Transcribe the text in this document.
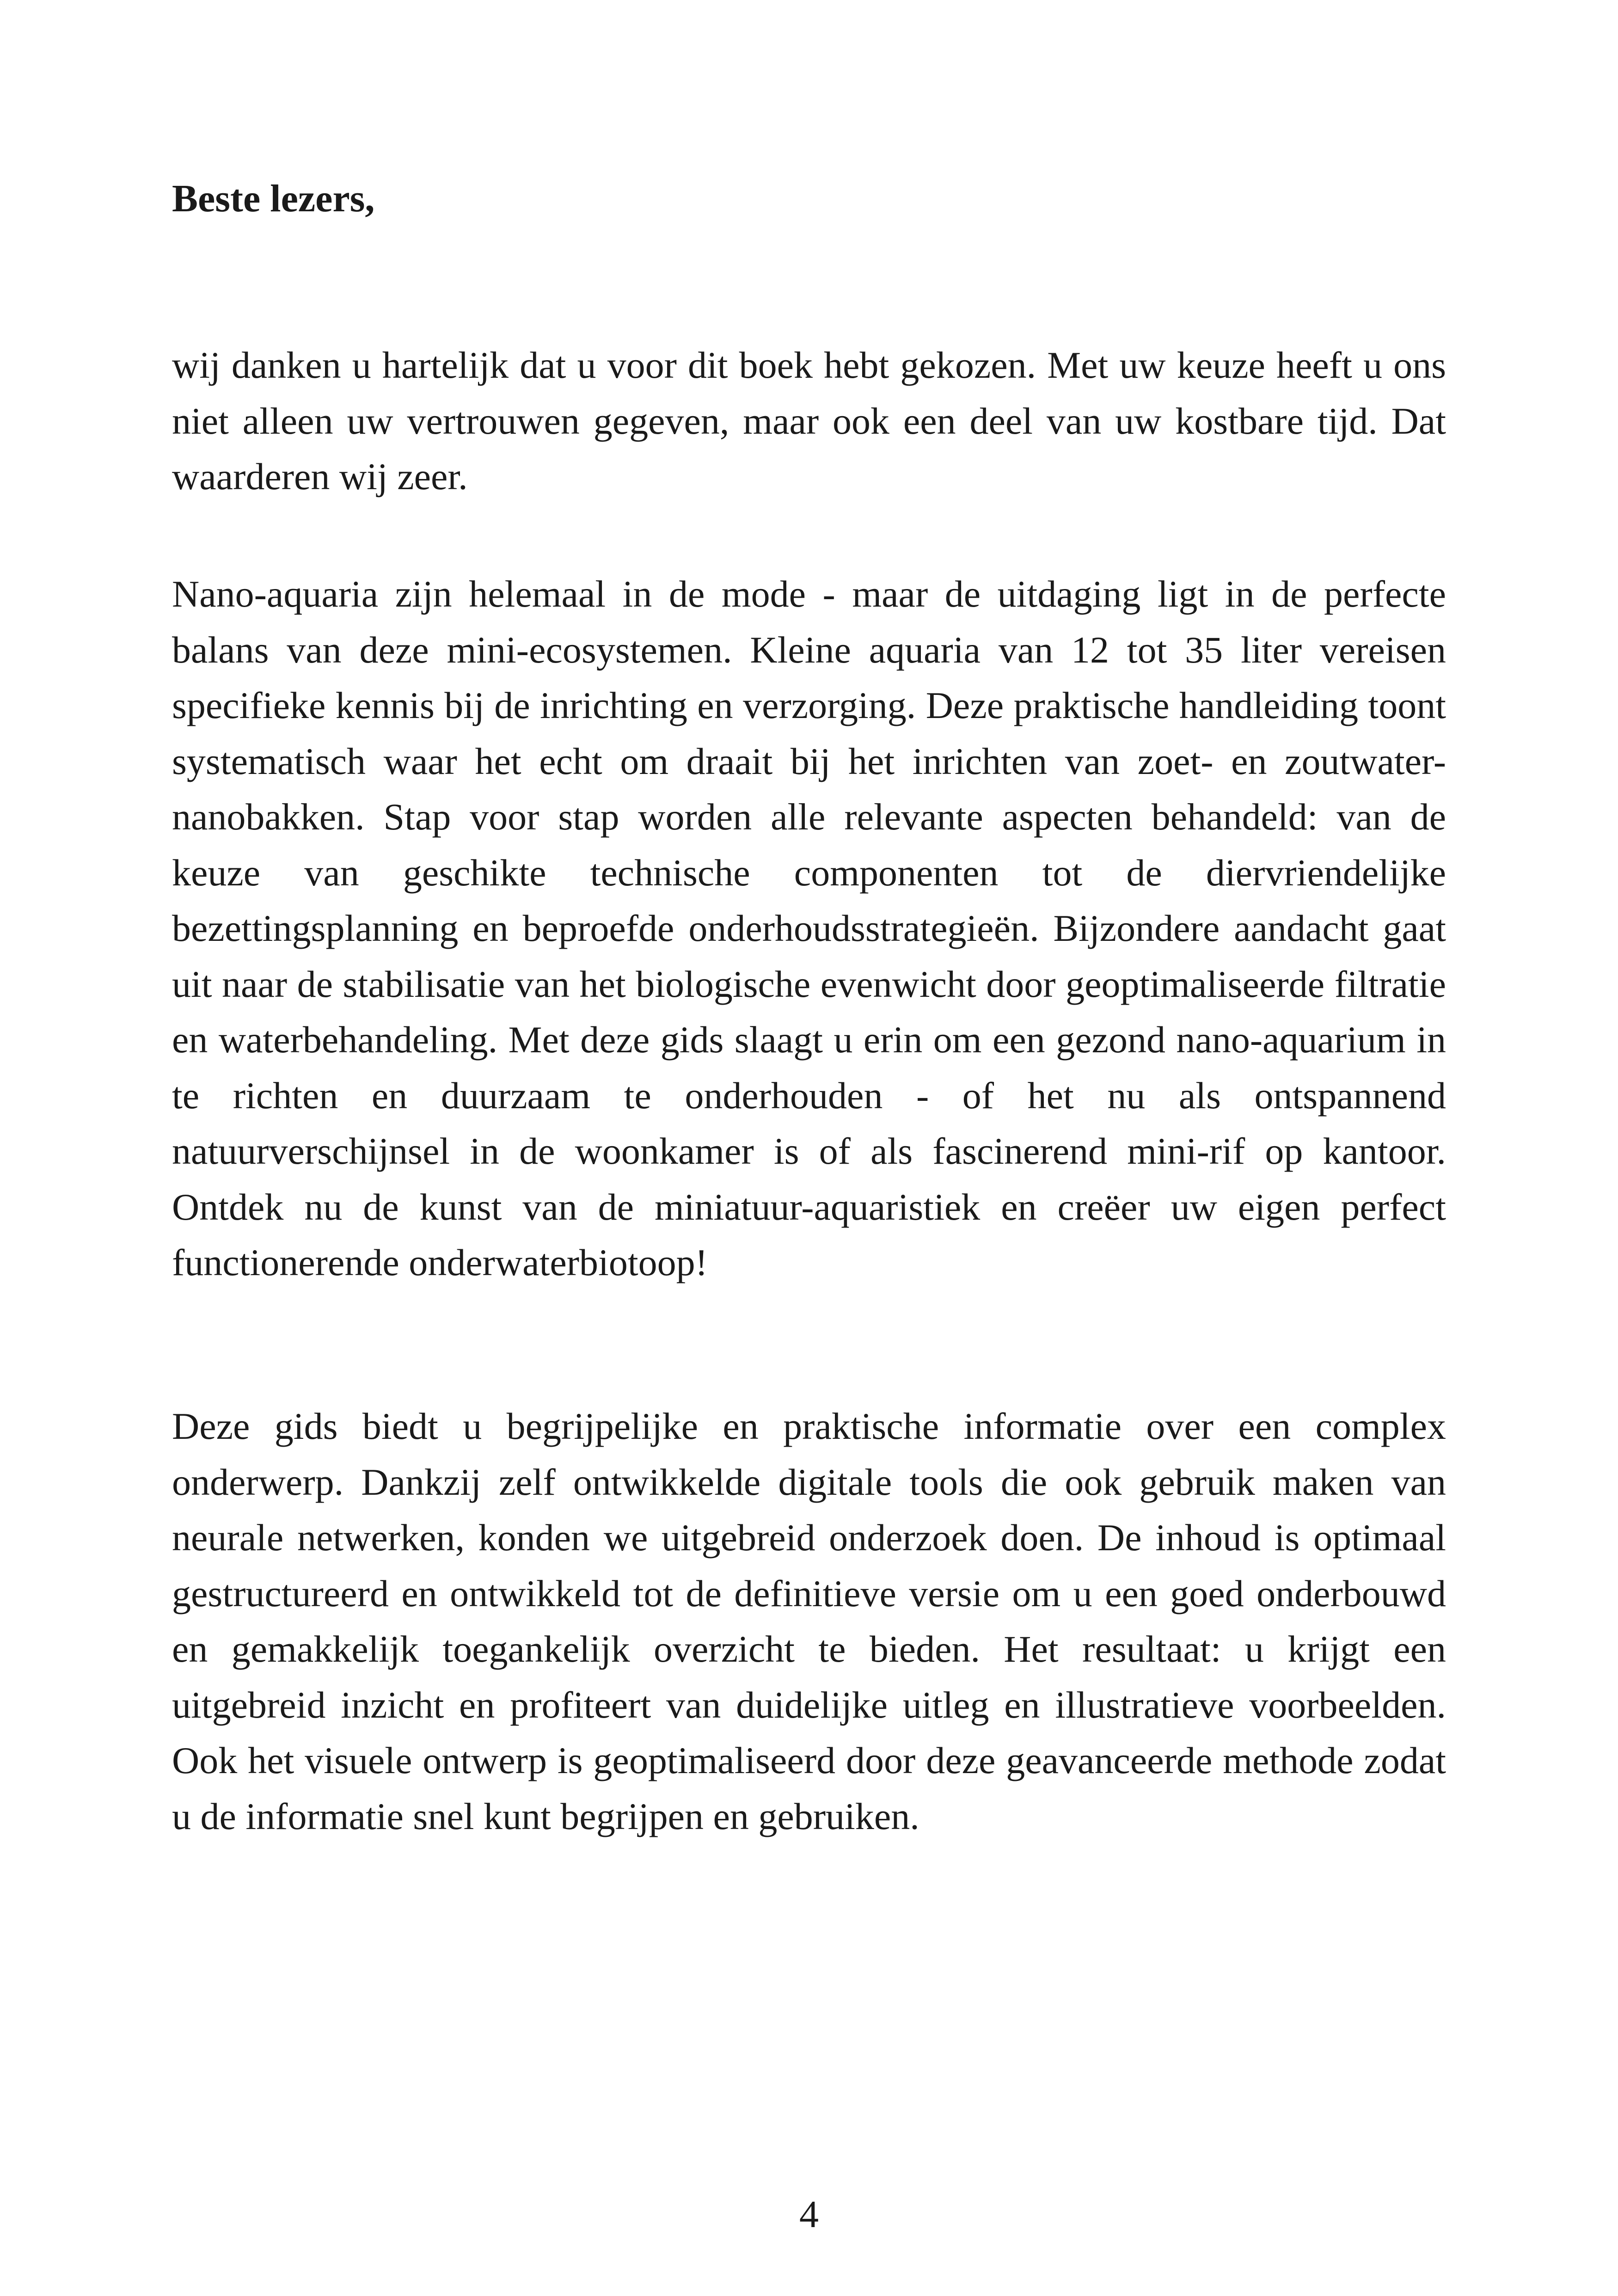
Beste lezers,

wij danken u hartelijk dat u voor dit boek hebt gekozen. Met uw keuze heeft u ons niet alleen uw vertrouwen gegeven, maar ook een deel van uw kostbare tijd. Dat waarderen wij zeer.

Nano-aquaria zijn helemaal in de mode - maar de uitdaging ligt in de perfecte balans van deze mini-ecosystemen. Kleine aquaria van 12 tot 35 liter vereisen specifieke kennis bij de inrichting en verzorging. Deze praktische handleiding toont systematisch waar het echt om draait bij het inrichten van zoet- en zoutwater-nanobakken. Stap voor stap worden alle relevante aspecten behandeld: van de keuze van geschikte technische componenten tot de diervriendelijke bezettingsplanning en beproefde onderhoudsstrategieën. Bijzondere aandacht gaat uit naar de stabilisatie van het biologische evenwicht door geoptimaliseerde filtratie en waterbehandeling. Met deze gids slaagt u erin om een gezond nano-aquarium in te richten en duurzaam te onderhouden - of het nu als ontspannend natuurverschijnsel in de woonkamer is of als fascinerend mini-rif op kantoor. Ontdek nu de kunst van de miniatuur-aquaristiek en creëer uw eigen perfect functionerende onderwaterbiotoop!

Deze gids biedt u begrijpelijke en praktische informatie over een complex onderwerp. Dankzij zelf ontwikkelde digitale tools die ook gebruik maken van neurale netwerken, konden we uitgebreid onderzoek doen. De inhoud is optimaal gestructureerd en ontwikkeld tot de definitieve versie om u een goed onderbouwd en gemakkelijk toegankelijk overzicht te bieden. Het resultaat: u krijgt een uitgebreid inzicht en profiteert van duidelijke uitleg en illustratieve voorbeelden. Ook het visuele ontwerp is geoptimaliseerd door deze geavanceerde methode zodat u de informatie snel kunt begrijpen en gebruiken.

4
